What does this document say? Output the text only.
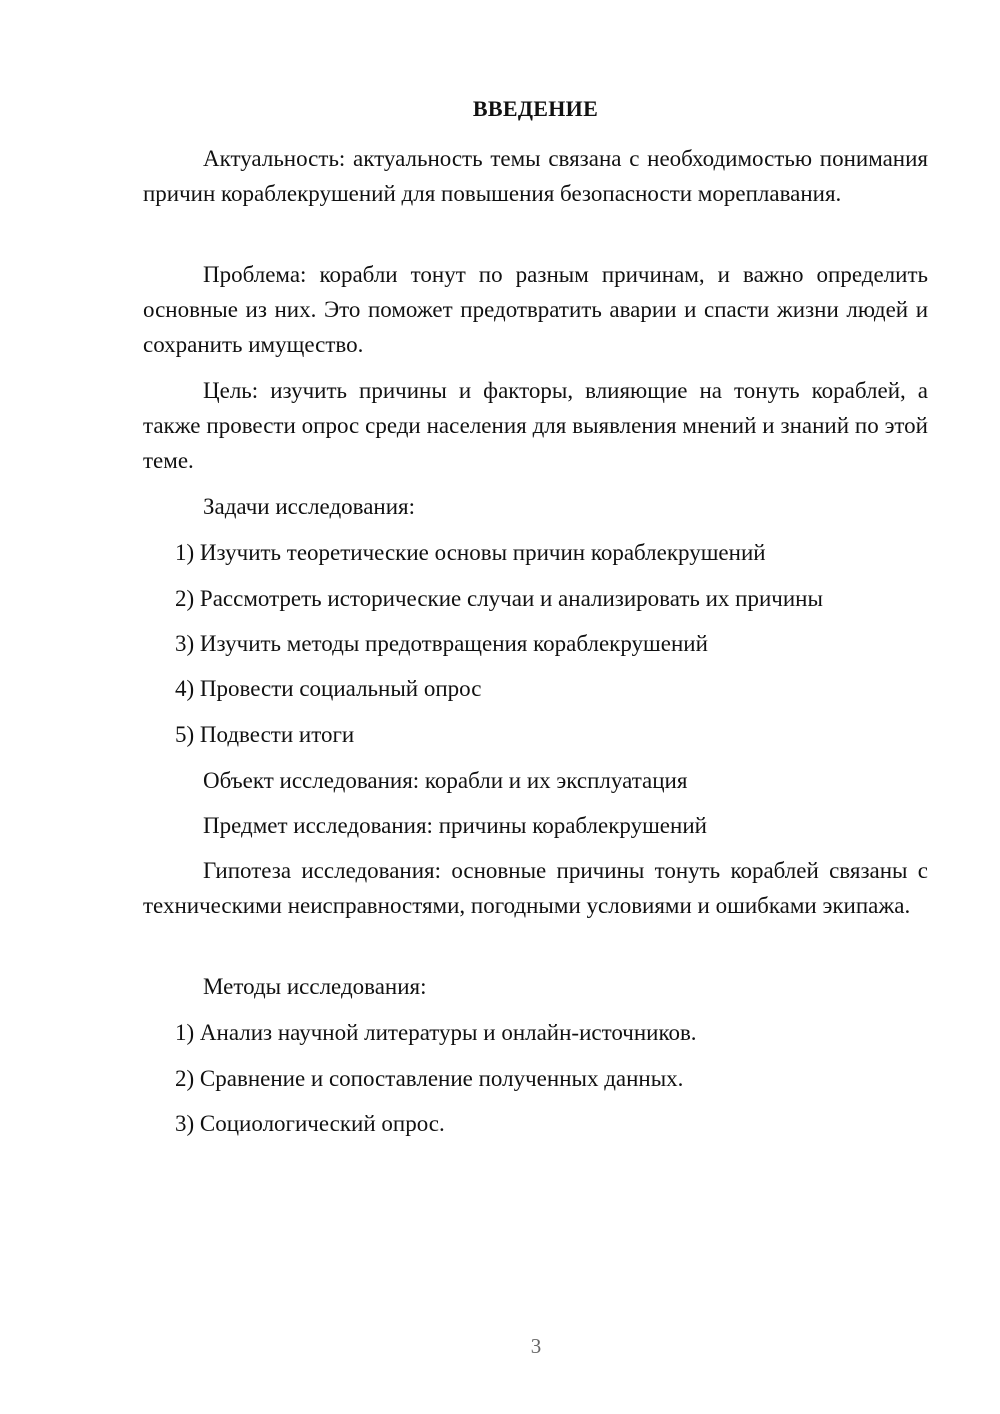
ВВЕДЕНИЕ

Актуальность: актуальность темы связана с необходимостью понимания причин кораблекрушений для повышения безопасности мореплавания.

Проблема: корабли тонут по разным причинам, и важно определить основные из них. Это поможет предотвратить аварии и спасти жизни людей и сохранить имущество.

Цель: изучить причины и факторы, влияющие на тонуть кораблей, а также провести опрос среди населения для выявления мнений и знаний по этой теме.

Задачи исследования:

1) Изучить теоретические основы причин кораблекрушений

2) Рассмотреть исторические случаи и анализировать их причины

3) Изучить методы предотвращения кораблекрушений

4) Провести социальный опрос

5) Подвести итоги

Объект исследования: корабли и их эксплуатация

Предмет исследования: причины кораблекрушений

Гипотеза исследования: основные причины тонуть кораблей связаны с техническими неисправностями, погодными условиями и ошибками экипажа.

Методы исследования:

1) Анализ научной литературы и онлайн-источников.

2) Сравнение и сопоставление полученных данных.

3) Социологический опрос.

3
